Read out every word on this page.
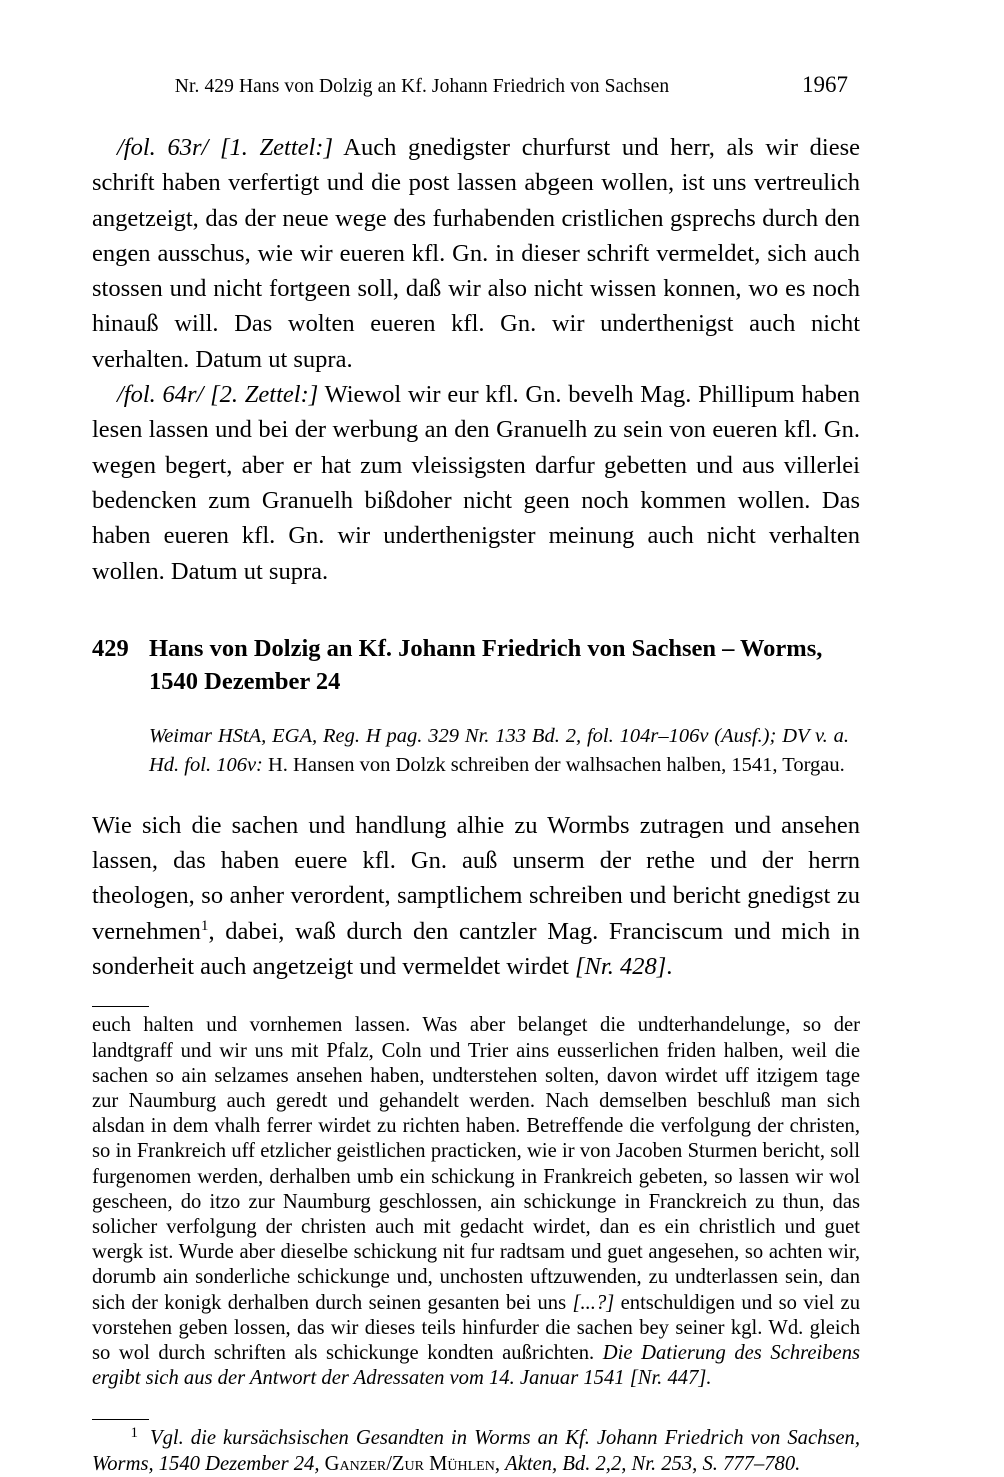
Nr. 429 Hans von Dolzig an Kf. Johann Friedrich von Sachsen	1967

/fol. 63r/ [1. Zettel:] Auch gnedigster churfurst und herr, als wir diese schrift haben verfertigt und die post lassen abgeen wollen, ist uns vertreulich angetzeigt, das der neue wege des furhabenden cristlichen gsprechs durch den engen ausschus, wie wir eueren kfl. Gn. in dieser schrift vermeldet, sich auch stossen und nicht fortgeen soll, daß wir also nicht wissen konnen, wo es noch hinauß will. Das wolten eueren kfl. Gn. wir underthenigst auch nicht verhalten. Datum ut supra.

/fol. 64r/ [2. Zettel:] Wiewol wir eur kfl. Gn. bevelh Mag. Phillipum haben lesen lassen und bei der werbung an den Granuelh zu sein von eueren kfl. Gn. wegen begert, aber er hat zum vleissigsten darfur gebetten und aus villerlei bedencken zum Granuelh bißdoher nicht geen noch kommen wollen. Das haben eueren kfl. Gn. wir underthenigster meinung auch nicht verhalten wollen. Datum ut supra.

429 Hans von Dolzig an Kf. Johann Friedrich von Sachsen – Worms, 1540 Dezember 24
Weimar HStA, EGA, Reg. H pag. 329 Nr. 133 Bd. 2, fol. 104r–106v (Ausf.); DV v. a. Hd. fol. 106v: H. Hansen von Dolzk schreiben der walhsachen halben, 1541, Torgau.

Wie sich die sachen und handlung alhie zu Wormbs zutragen und ansehen lassen, das haben euere kfl. Gn. auß unserm der rethe und der herrn theologen, so anher verordent, samptlichem schreiben und bericht gnedigst zu vernehmen$^1$, dabei, waß durch den cantzler Mag. Franciscum und mich in sonderheit auch angetzeigt und vermeldet wirdet [Nr. 428].

euch halten und vornhemen lassen. Was aber belanget die undterhandelunge, so der landtgraff und wir uns mit Pfalz, Coln und Trier ains eusserlichen friden halben, weil die sachen so ain selzames ansehen haben, undterstehen solten, davon wirdet uff itzigem tage zur Naumburg auch geredt und gehandelt werden. Nach demselben beschluß man sich alsdan in dem vhalh ferrer wirdet zu richten haben. Betreffende die verfolgung der christen, so in Frankreich uff etzlicher geistlichen practicken, wie ir von Jacoben Sturmen bericht, soll furgenomen werden, derhalben umb ein schickung in Frankreich gebeten, so lassen wir wol gescheen, do itzo zur Naumburg geschlossen, ain schickunge in Franckreich zu thun, das solicher verfolgung der christen auch mit gedacht wirdet, dan es ein christlich und guet wergk ist. Wurde aber dieselbe schickung nit fur radtsam und guet angesehen, so achten wir, dorumb ain sonderliche schickunge und, unchosten uftzuwenden, zu undterlassen sein, dan sich der konigk derhalben durch seinen gesanten bei uns [...?] entschuldigen und so viel zu vorstehen geben lossen, das wir dieses teils hinfurder die sachen bey seiner kgl. Wd. gleich so wol durch schriften als schickunge kondten außrichten. Die Datierung des Schreibens ergibt sich aus der Antwort der Adressaten vom 14. Januar 1541 [Nr. 447].

1 Vgl. die kursächsischen Gesandten in Worms an Kf. Johann Friedrich von Sachsen, Worms, 1540 Dezember 24, Ganzer/Zur Mühlen, Akten, Bd. 2,2, Nr. 253, S. 777–780.
